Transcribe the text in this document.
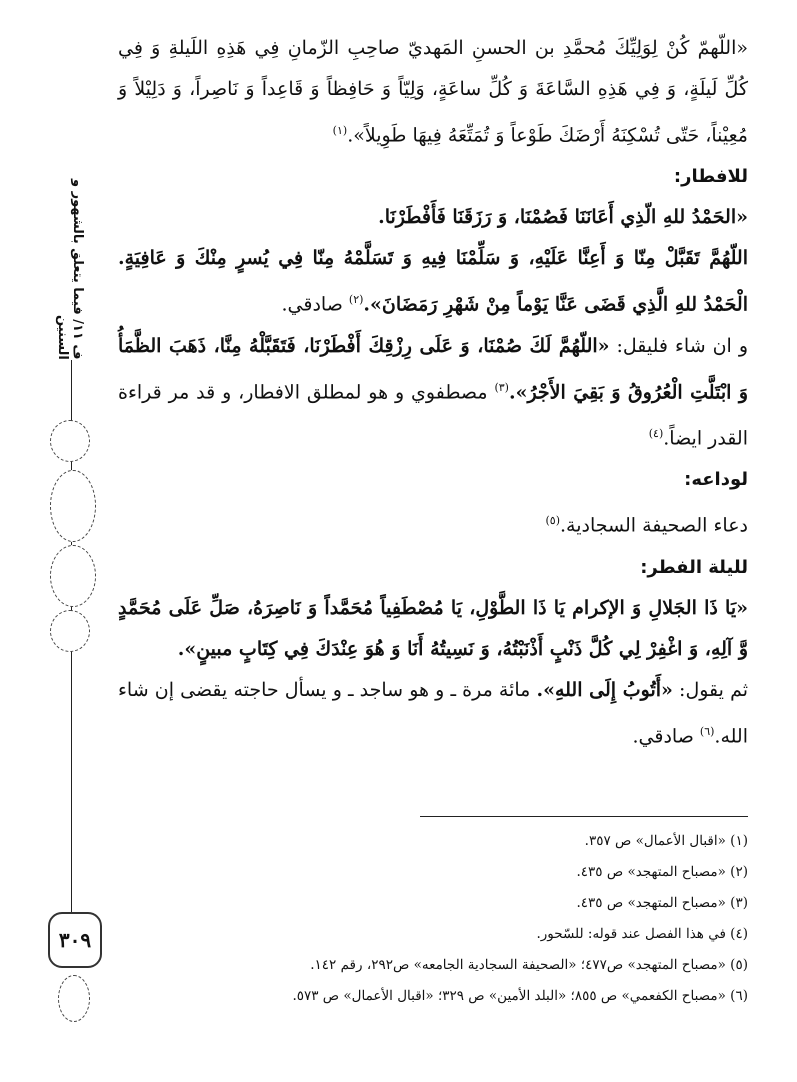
ف ١١/ فيما يتعلق بالشهور و السنين
٣٠٩

«اللّهمّ كُنْ لِوَلِيِّكَ مُحمَّدِ بن الحسنِ المَهديّ صاحِبِ الزّمانِ فِي هَذِهِ اللَيلةِ وَ فِي كُلِّ لَيلَةٍ، وَ فِي هَذِهِ السَّاعَةَ وَ كُلِّ ساعَةٍ، وَلِيّاً وَ حَافِظاً وَ قَاعِداً وَ نَاصِراً، وَ دَلِيْلاً وَ مُعِيْناً، حَتّى تُسْكِنَهُ أَرْضَكَ طَوْعاً وَ تُمَتِّعَهُ فِيهَا طَوِيلاً».$^{(١)}$

للافطار:

«الحَمْدُ للهِ الّذِي أَعَانَنَا فَصُمْنَا، وَ رَزَقَنَا فَأَفْطَرْنَا.

اللّهُمَّ تَقَبَّلْ مِنّا وَ أَعِنَّا عَلَيْهِ، وَ سَلِّمْنَا فِيهِ وَ تَسَلَّمْهُ مِنّا فِي يُسرٍ مِنْكَ وَ عَافِيَةٍ. الْحَمْدُ للهِ الَّذِي قَضَى عَنَّا يَوْماً مِنْ شَهْرِ رَمَضَانَ».$^{(٢)}$ صادقي.

و ان شاء فليقل: «اللّهُمَّ لَكَ صُمْنَا، وَ عَلَى رِزْقِكَ أَفْطَرْنَا، فَتَقَبَّلْهُ مِنَّا، ذَهَبَ الظَّمَأُ وَ ابْتَلَّتِ الْعُرُوقُ وَ بَقِيَ الأَجْرُ».$^{(٣)}$ مصطفوي و هو لمطلق الافطار، و قد مر قراءة القدر ايضاً.$^{(٤)}$

لوداعه:

دعاء الصحيفة السجادية.$^{(٥)}$

لليلة الفطر:

«يَا ذَا الجَلالِ وَ الإكرام يَا ذَا الطَّوْلِ، يَا مُصْطَفِياً مُحَمَّداً وَ نَاصِرَهُ، صَلِّ عَلَى مُحَمَّدٍ وَّ آلِهِ، وَ اغْفِرْ لِي كُلَّ ذَنْبٍ أَذْنَبْتُهُ، وَ نَسِيتُهُ أَنَا وَ هُوَ عِنْدَكَ فِي كِتَابٍ مبينٍ».

ثم يقول: «أَتُوبُ إِلَى اللهِ». مائة مرة ـ و هو ساجد ـ و يسأل حاجته يقضى إن شاء الله.$^{(٦)}$ صادقي.

(١) «اقبال الأعمال» ص ٣٥٧.
(٢) «مصباح المتهجد» ص ٤٣٥.
(٣) «مصباح المتهجد» ص ٤٣٥.
(٤) في هذا الفصل عند قوله: للسّحور.
(٥) «مصباح المتهجد» ص٤٧٧؛ «الصحيفة السجادية الجامعه» ص٢٩٢، رقم ١٤٢.
(٦) «مصباح الكفعمي» ص ٨٥٥؛ «البلد الأمين» ص ٣٢٩؛ «اقبال الأعمال» ص ٥٧٣.
